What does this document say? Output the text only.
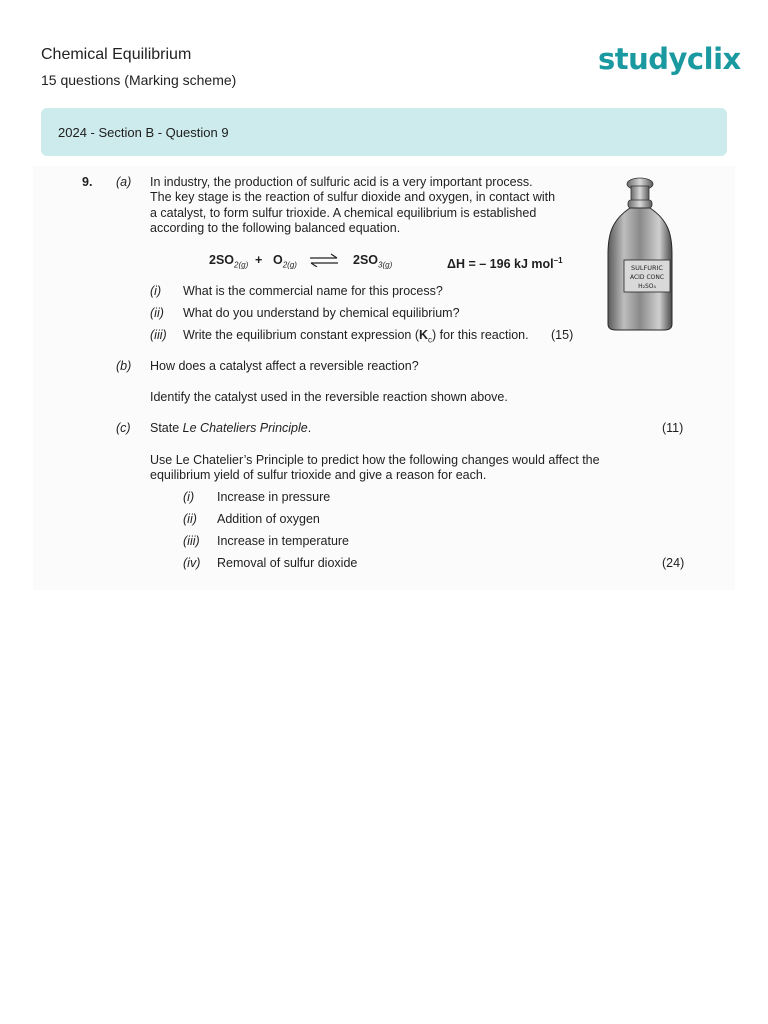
Chemical Equilibrium
15 questions (Marking scheme)
studyclix
2024 - Section B - Question 9
9. (a) In industry, the production of sulfuric acid is a very important process.
The key stage is the reaction of sulfur dioxide and oxygen, in contact with
a catalyst, to form sulfur trioxide. A chemical equilibrium is established
according to the following balanced equation.
$2SO_{2(g)} + O_{2(g)}$ ⇌ $2SO_{3(g)}$	ΔH = – 196 kJ mol$^{-1}$
(i) What is the commercial name for this process?
(ii) What do you understand by chemical equilibrium?
(iii) Write the equilibrium constant expression $(K_c)$ for this reaction. (15)
SULFURIC
ACID CONC
H₂SO₄
(b) How does a catalyst affect a reversible reaction?
Identify the catalyst used in the reversible reaction shown above.
(c) State Le Chateliers Principle.	(11)
Use Le Chatelier’s Principle to predict how the following changes would affect the
equilibrium yield of sulfur trioxide and give a reason for each.
(i) Increase in pressure
(ii) Addition of oxygen
(iii) Increase in temperature
(iv) Removal of sulfur dioxide	(24)
